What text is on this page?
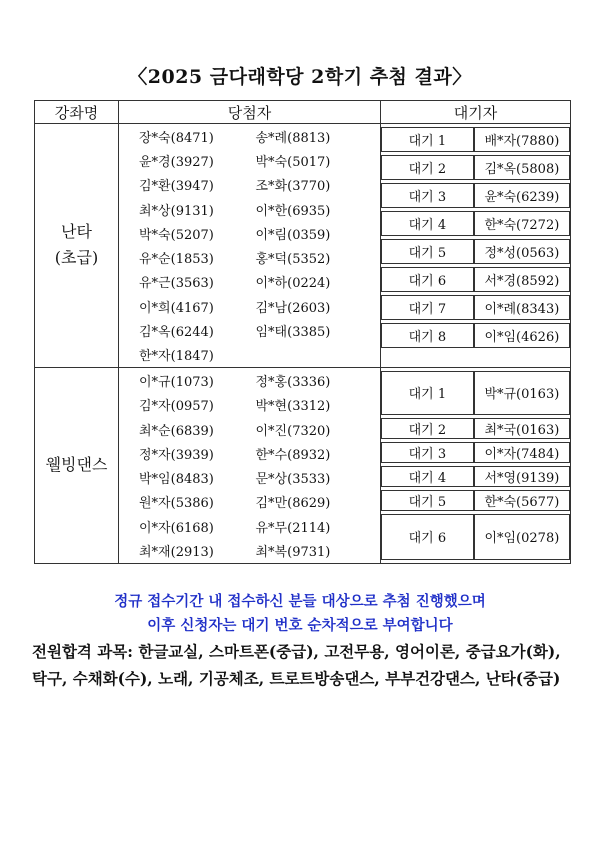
〈2025 금다래학당 2학기 추첨 결과〉
강좌명	당첨자	대기자

난타
(초급)

장*숙(8471)	송*례(8813)
윤*경(3927)	박*숙(5017)
김*환(3947)	조*화(3770)
최*상(9131)	이*한(6935)
박*숙(5207)	이*림(0359)
유*순(1853)	홍*덕(5352)
유*근(3563)	이*하(0224)
이*희(4167)	김*남(2603)
김*옥(6244)	임*태(3385)
한*자(1847)

대기 1	배*자(7880)
대기 2	김*옥(5808)
대기 3	윤*숙(6239)
대기 4	한*숙(7272)
대기 5	정*성(0563)
대기 6	서*경(8592)
대기 7	이*례(8343)
대기 8	이*임(4626)

웰빙댄스

이*규(1073)	정*홍(3336)
김*자(0957)	박*현(3312)
최*순(6839)	이*진(7320)
정*자(3939)	한*수(8932)
박*임(8483)	문*상(3533)
원*자(5386)	김*만(8629)
이*자(6168)	유*무(2114)
최*재(2913)	최*복(9731)

대기 1	박*규(0163)
대기 2	최*국(0163)
대기 3	이*자(7484)
대기 4	서*영(9139)
대기 5	한*숙(5677)
대기 6	이*임(0278)
정규 접수기간 내 접수하신 분들 대상으로 추첨 진행했으며
이후 신청자는 대기 번호 순차적으로 부여합니다
전원합격 과목: 한글교실, 스마트폰(중급), 고전무용, 영어이론, 중급요가(화),
탁구, 수채화(수), 노래, 기공체조, 트로트방송댄스, 부부건강댄스, 난타(중급)
